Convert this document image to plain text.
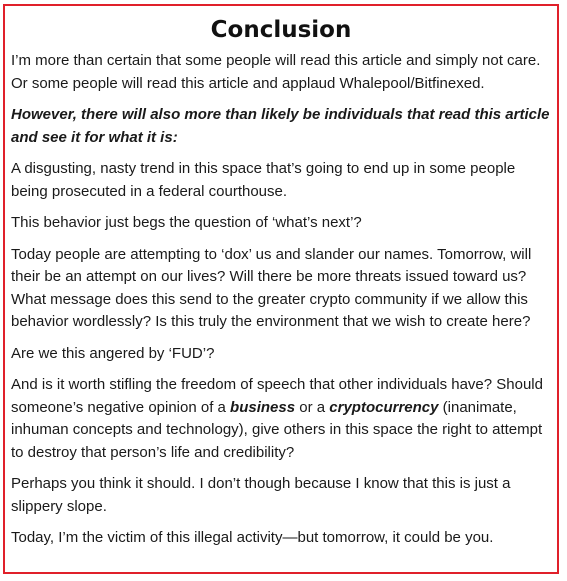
Conclusion

I’m more than certain that some people will read this article and simply not care. Or some people will read this article and applaud Whalepool/Bitfinexed.

However, there will also more than likely be individuals that read this article and see it for what it is:

A disgusting, nasty trend in this space that’s going to end up in some people being prosecuted in a federal courthouse.

This behavior just begs the question of ‘what’s next’?

Today people are attempting to ‘dox’ us and slander our names. Tomorrow, will their be an attempt on our lives? Will there be more threats issued toward us? What message does this send to the greater crypto community if we allow this behavior wordlessly? Is this truly the environment that we wish to create here?

Are we this angered by ‘FUD’?

And is it worth stifling the freedom of speech that other individuals have? Should someone’s negative opinion of a business or a cryptocurrency (inanimate, inhuman concepts and technology), give others in this space the right to attempt to destroy that person’s life and credibility?

Perhaps you think it should. I don’t though because I know that this is just a slippery slope.

Today, I’m the victim of this illegal activity—but tomorrow, it could be you.
